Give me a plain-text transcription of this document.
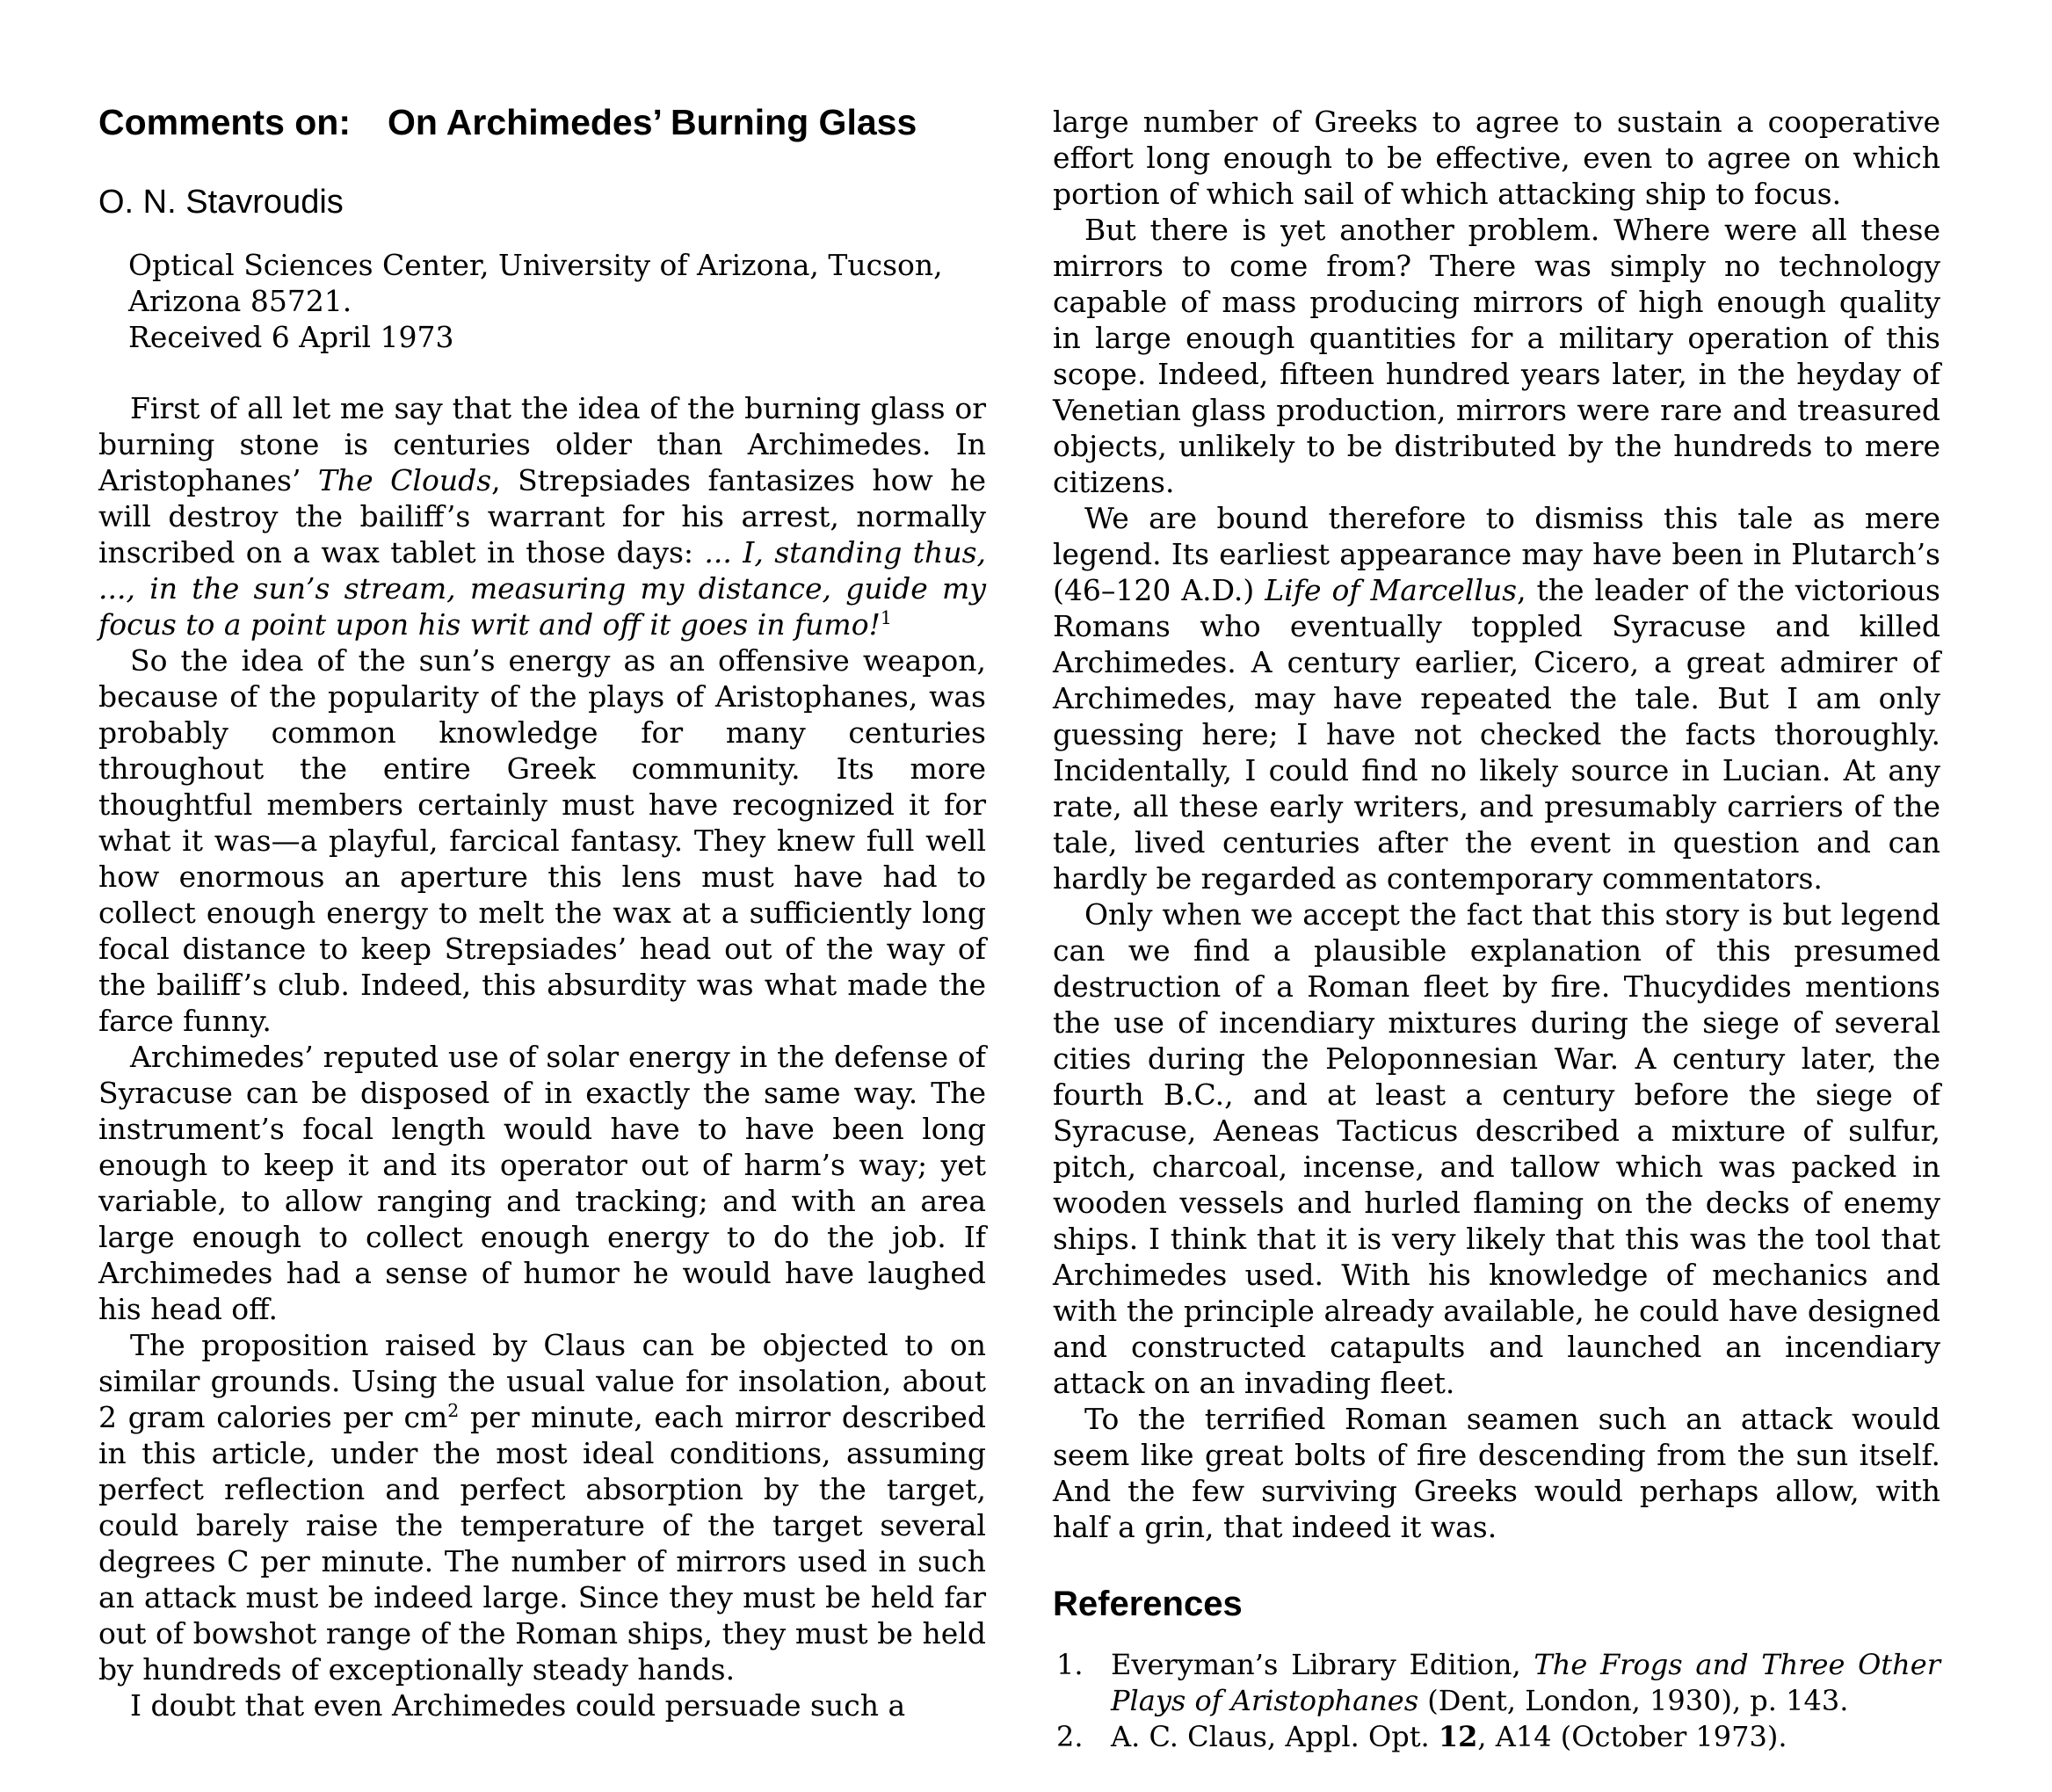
Comments on: On Archimedes’ Burning Glass
O. N. Stavroudis
Optical Sciences Center, University of Arizona, Tucson, Arizona 85721.
Received 6 April 1973

First of all let me say that the idea of the burning glass or burning stone is centuries older than Archimedes. In Aristophanes’ The Clouds, Strepsiades fantasizes how he will destroy the bailiff’s warrant for his arrest, normally inscribed on a wax tablet in those days: ... I, standing thus, ..., in the sun’s stream, measuring my distance, guide my focus to a point upon his writ and off it goes in fumo!$^1$

So the idea of the sun’s energy as an offensive weapon, because of the popularity of the plays of Aristophanes, was probably common knowledge for many centuries throughout the entire Greek community. Its more thoughtful members certainly must have recognized it for what it was—a playful, farcical fantasy. They knew full well how enormous an aperture this lens must have had to collect enough energy to melt the wax at a sufficiently long focal distance to keep Strepsiades’ head out of the way of the bailiff’s club. Indeed, this absurdity was what made the farce funny.

Archimedes’ reputed use of solar energy in the defense of Syracuse can be disposed of in exactly the same way. The instrument’s focal length would have to have been long enough to keep it and its operator out of harm’s way; yet variable, to allow ranging and tracking; and with an area large enough to collect enough energy to do the job. If Archimedes had a sense of humor he would have laughed his head off.

The proposition raised by Claus can be objected to on similar grounds. Using the usual value for insolation, about 2 gram calories per $cm^2$ per minute, each mirror described in this article, under the most ideal conditions, assuming perfect reflection and perfect absorption by the target, could barely raise the temperature of the target several degrees C per minute. The number of mirrors used in such an attack must be indeed large. Since they must be held far out of bowshot range of the Roman ships, they must be held by hundreds of exceptionally steady hands.

I doubt that even Archimedes could persuade such a

large number of Greeks to agree to sustain a cooperative effort long enough to be effective, even to agree on which portion of which sail of which attacking ship to focus.

But there is yet another problem. Where were all these mirrors to come from? There was simply no technology capable of mass producing mirrors of high enough quality in large enough quantities for a military operation of this scope. Indeed, fifteen hundred years later, in the heyday of Venetian glass production, mirrors were rare and treasured objects, unlikely to be distributed by the hundreds to mere citizens.

We are bound therefore to dismiss this tale as mere legend. Its earliest appearance may have been in Plutarch’s (46–120 A.D.) Life of Marcellus, the leader of the victorious Romans who eventually toppled Syracuse and killed Archimedes. A century earlier, Cicero, a great admirer of Archimedes, may have repeated the tale. But I am only guessing here; I have not checked the facts thoroughly. Incidentally, I could find no likely source in Lucian. At any rate, all these early writers, and presumably carriers of the tale, lived centuries after the event in question and can hardly be regarded as contemporary commentators.

Only when we accept the fact that this story is but legend can we find a plausible explanation of this presumed destruction of a Roman fleet by fire. Thucydides mentions the use of incendiary mixtures during the siege of several cities during the Peloponnesian War. A century later, the fourth B.C., and at least a century before the siege of Syracuse, Aeneas Tacticus described a mixture of sulfur, pitch, charcoal, incense, and tallow which was packed in wooden vessels and hurled flaming on the decks of enemy ships. I think that it is very likely that this was the tool that Archimedes used. With his knowledge of mechanics and with the principle already available, he could have designed and constructed catapults and launched an incendiary attack on an invading fleet.

To the terrified Roman seamen such an attack would seem like great bolts of fire descending from the sun itself. And the few surviving Greeks would perhaps allow, with half a grin, that indeed it was.

References
1. Everyman’s Library Edition, The Frogs and Three Other Plays of Aristophanes (Dent, London, 1930), p. 143.
2. A. C. Claus, Appl. Opt. 12, A14 (October 1973).
